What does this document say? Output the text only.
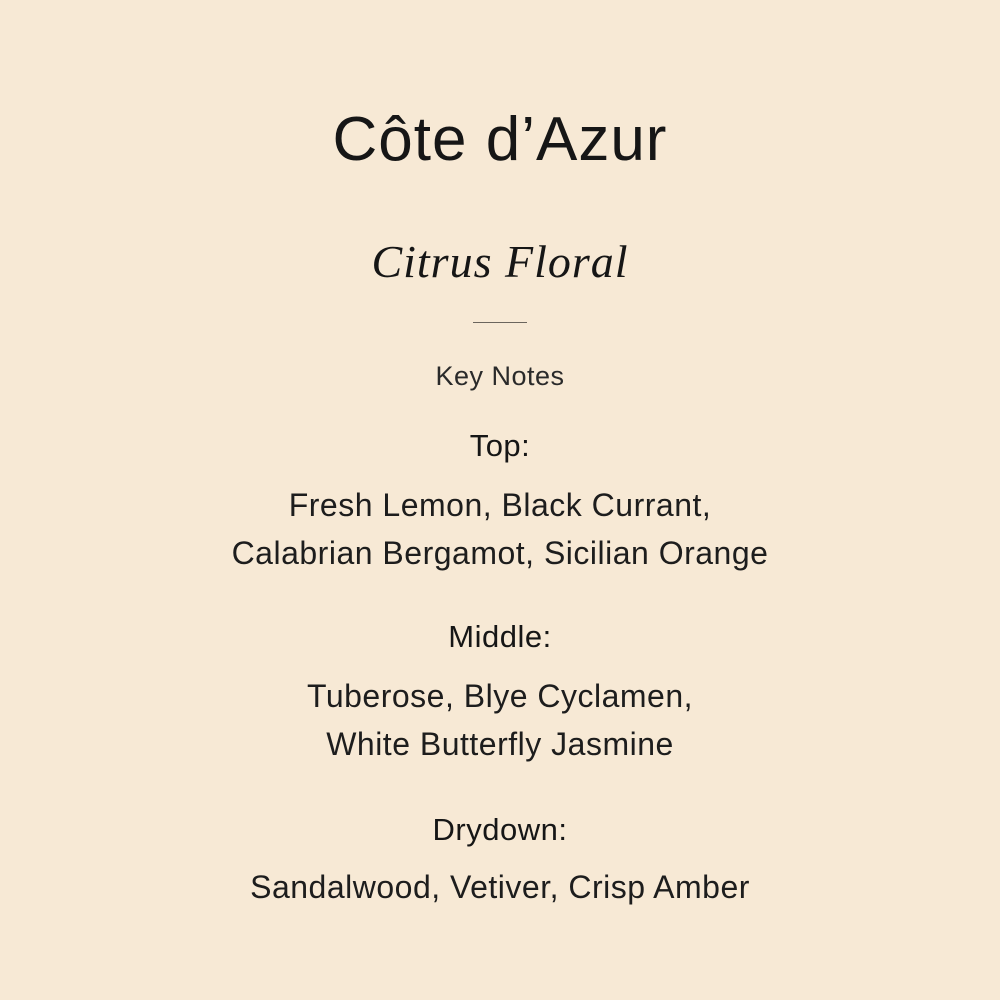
Côte d’Azur
Citrus Floral
Key Notes
Top:
Fresh Lemon, Black Currant,
Calabrian Bergamot, Sicilian Orange
Middle:
Tuberose, Blye Cyclamen,
White Butterfly Jasmine
Drydown:
Sandalwood, Vetiver, Crisp Amber
